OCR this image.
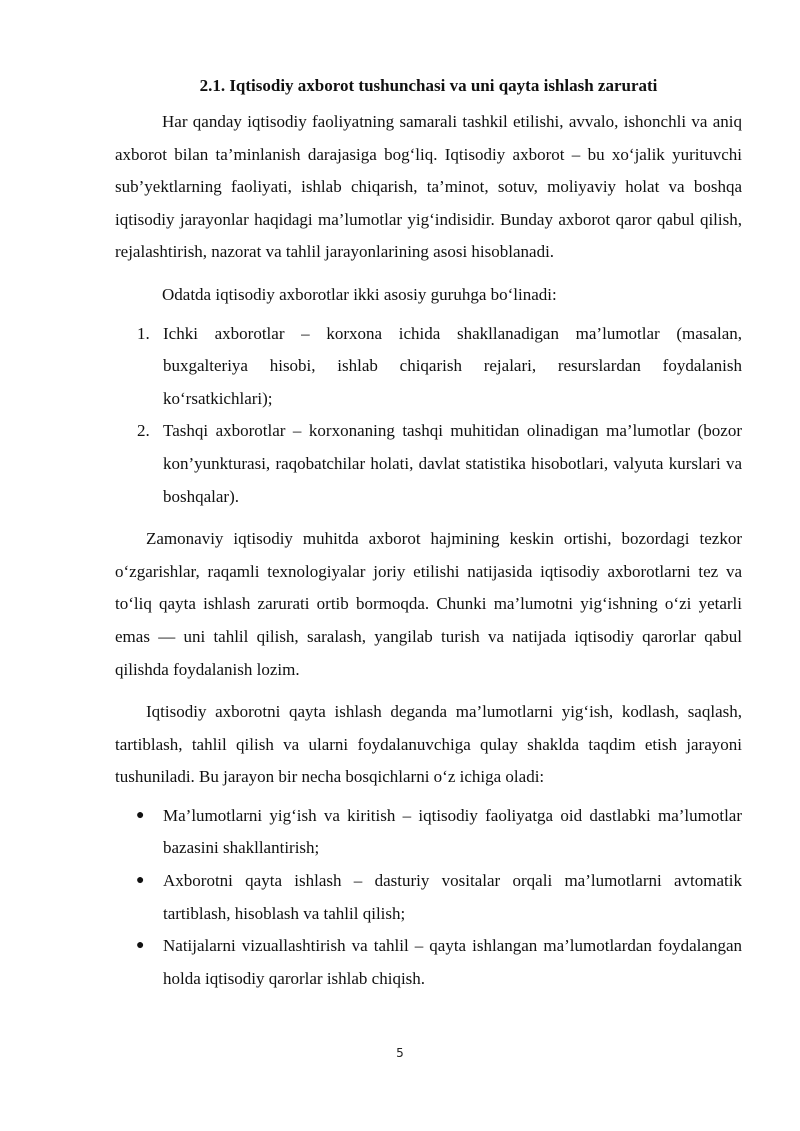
2.1. Iqtisodiy axborot tushunchasi va uni qayta ishlash zarurati

Har qanday iqtisodiy faoliyatning samarali tashkil etilishi, avvalo, ishonchli va aniq axborot bilan ta’minlanish darajasiga bog‘liq. Iqtisodiy axborot – bu xo‘jalik yurituvchi sub’yektlarning faoliyati, ishlab chiqarish, ta’minot, sotuv, moliyaviy holat va boshqa iqtisodiy jarayonlar haqidagi ma’lumotlar yig‘indisidir. Bunday axborot qaror qabul qilish, rejalashtirish, nazorat va tahlil jarayonlarining asosi hisoblanadi.

Odatda iqtisodiy axborotlar ikki asosiy guruhga bo‘linadi:

1. Ichki axborotlar – korxona ichida shakllanadigan ma’lumotlar (masalan, buxgalteriya hisobi, ishlab chiqarish rejalari, resurslardan foydalanish ko‘rsatkichlari);
2. Tashqi axborotlar – korxonaning tashqi muhitidan olinadigan ma’lumotlar (bozor kon’yunkturasi, raqobatchilar holati, davlat statistika hisobotlari, valyuta kurslari va boshqalar).

Zamonaviy iqtisodiy muhitda axborot hajmining keskin ortishi, bozordagi tezkor o‘zgarishlar, raqamli texnologiyalar joriy etilishi natijasida iqtisodiy axborotlarni tez va to‘liq qayta ishlash zarurati ortib bormoqda. Chunki ma’lumotni yig‘ishning o‘zi yetarli emas — uni tahlil qilish, saralash, yangilab turish va natijada iqtisodiy qarorlar qabul qilishda foydalanish lozim.

Iqtisodiy axborotni qayta ishlash deganda ma’lumotlarni yig‘ish, kodlash, saqlash, tartiblash, tahlil qilish va ularni foydalanuvchiga qulay shaklda taqdim etish jarayoni tushuniladi. Bu jarayon bir necha bosqichlarni o‘z ichiga oladi:

● Ma’lumotlarni yig‘ish va kiritish – iqtisodiy faoliyatga oid dastlabki ma’lumotlar bazasini shakllantirish;
● Axborotni qayta ishlash – dasturiy vositalar orqali ma’lumotlarni avtomatik tartiblash, hisoblash va tahlil qilish;
● Natijalarni vizuallashtirish va tahlil – qayta ishlangan ma’lumotlardan foydalangan holda iqtisodiy qarorlar ishlab chiqish.
5
